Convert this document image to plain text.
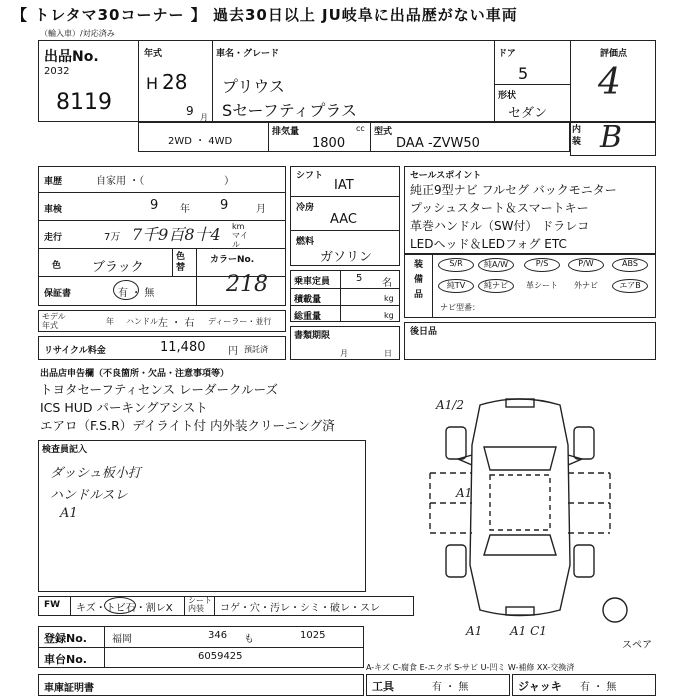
【 トレタマ30コーナー 】 過去30日以上 JU岐阜に出品歴がない車両
（輸入車）/対応済み
出品No.
2032
8119
年式
H 28
9 月
車名・グレード
プリウス
Sセーフティプラス
ドア
5
形状
セダン
評価点
4
内装 B
2WD ・ 4WD
排気量	cc
1800
型式
DAA -ZVW50
車歴	自家用 ・（　　　　　　　　）
車検	9 年 9	月
走行	7万 7千9百8十4 km マイル
色 ブラック
色替
カラーNo.
218
保証書	有 ・ 無
モデル年式	年 ハンドル 左 ・ 右 ディーラー・並行
リサイクル料金	11,480 円 預託済
シフト
IAT
冷房
AAC
燃料
ガソリン
乗車定員	5 名
積載量	kg
総重量	kg
書類期限
月	日
セールスポイント
純正9型ナビ フルセグ バックモニター
プッシュスタート＆スマートキー
革巻ハンドル（SW付） ドラレコ
LEDヘッド＆LEDフォグ ETC
装備品
S/R	純A/W	P/S	P/W	ABS
純TV	純ナビ	革シート	外ナビ	エアB
ナビ型番：
後日品
出品店申告欄（不良箇所・欠品・注意事項等）
トヨタセーフティセンス レーダークルーズ
ICS HUD パーキングアシスト
エアロ（F.S.R）デイライト付 内外装クリーニング済
検査員記入
ダッシュ板小打
ハンドルスレ
A1
A1/2
A1
A1 A1 C1
スペア
FW キズ・トビ石・割レX
シート内装	コゲ・穴・汚レ・シミ・破レ・スレ
登録No.	福岡	346 も	1025
車台No.	6059425
A-キズ C-腐食 E-エクボ S-サビ U-凹ミ W-補修 XX-交換済
車庫証明書	工具	有 ・ 無	ジャッキ 有 ・ 無
